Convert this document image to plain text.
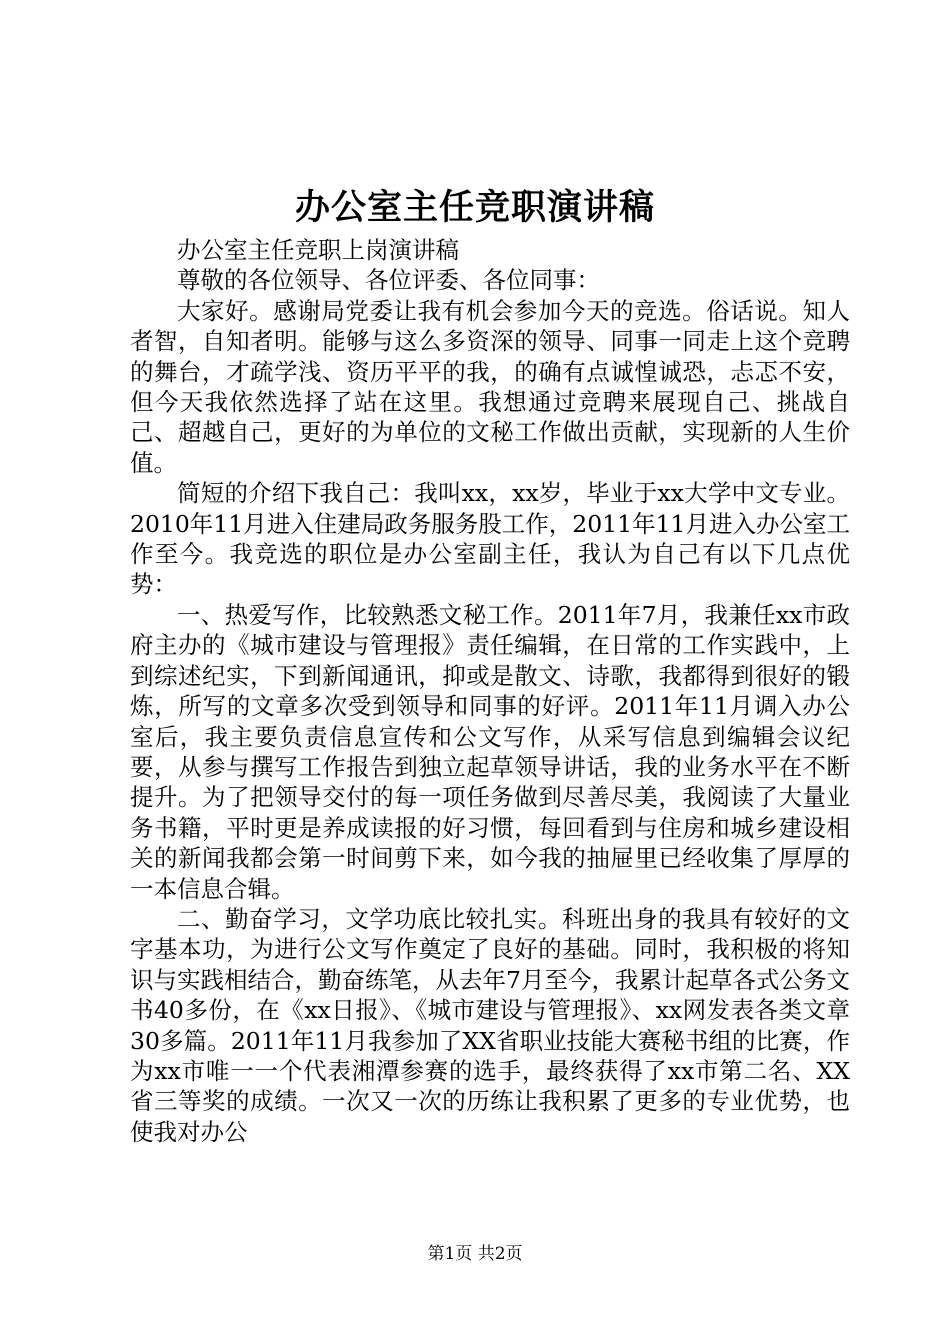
办公室主任竞职演讲稿

办公室主任竞职上岗演讲稿

尊敬的各位领导、各位评委、各位同事：

大家好。感谢局党委让我有机会参加今天的竞选。俗话说。知人者智，自知者明。能够与这么多资深的领导、同事一同走上这个竞聘的舞台，才疏学浅、资历平平的我，的确有点诚惶诚恐，忐忑不安，但今天我依然选择了站在这里。我想通过竞聘来展现自己、挑战自己、超越自己，更好的为单位的文秘工作做出贡献，实现新的人生价值。

简短的介绍下我自己：我叫xx，xx岁，毕业于xx大学中文专业。2010年11月进入住建局政务服务股工作，2011年11月进入办公室工作至今。我竞选的职位是办公室副主任，我认为自己有以下几点优势：

一、热爱写作，比较熟悉文秘工作。2011年7月，我兼任xx市政府主办的《城市建设与管理报》责任编辑，在日常的工作实践中，上到综述纪实，下到新闻通讯，抑或是散文、诗歌，我都得到很好的锻炼，所写的文章多次受到领导和同事的好评。2011年11月调入办公室后，我主要负责信息宣传和公文写作，从采写信息到编辑会议纪要，从参与撰写工作报告到独立起草领导讲话，我的业务水平在不断提升。为了把领导交付的每一项任务做到尽善尽美，我阅读了大量业务书籍，平时更是养成读报的好习惯，每回看到与住房和城乡建设相关的新闻我都会第一时间剪下来，如今我的抽屉里已经收集了厚厚的一本信息合辑。

二、勤奋学习，文学功底比较扎实。科班出身的我具有较好的文字基本功，为进行公文写作奠定了良好的基础。同时，我积极的将知识与实践相结合，勤奋练笔，从去年7月至今，我累计起草各式公务文书40多份，在《xx日报》、《城市建设与管理报》、xx网发表各类文章30多篇。2011年11月我参加了XX省职业技能大赛秘书组的比赛，作为xx市唯一一个代表湘潭参赛的选手，最终获得了xx市第二名、XX省三等奖的成绩。一次又一次的历练让我积累了更多的专业优势，也使我对办公

第1页 共2页
